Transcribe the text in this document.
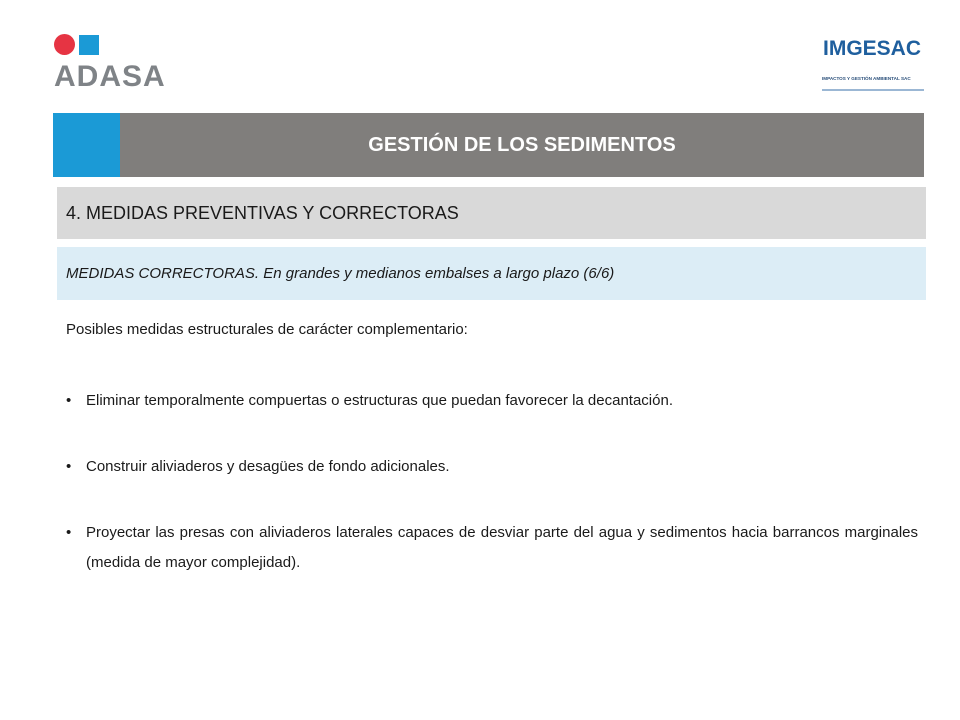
ADASA
IMGESAC
IMPACTOS Y GESTIÓN AMBIENTAL SAC
GESTIÓN DE LOS SEDIMENTOS
4. MEDIDAS PREVENTIVAS Y CORRECTORAS
MEDIDAS CORRECTORAS. En grandes y medianos embalses a largo plazo (6/6)
Posibles medidas estructurales de carácter complementario:
• Eliminar temporalmente compuertas o estructuras que puedan favorecer la decantación.
• Construir aliviaderos y desagües de fondo adicionales.
• Proyectar las presas con aliviaderos laterales capaces de desviar parte del agua y sedimentos hacia barrancos marginales (medida de mayor complejidad).
